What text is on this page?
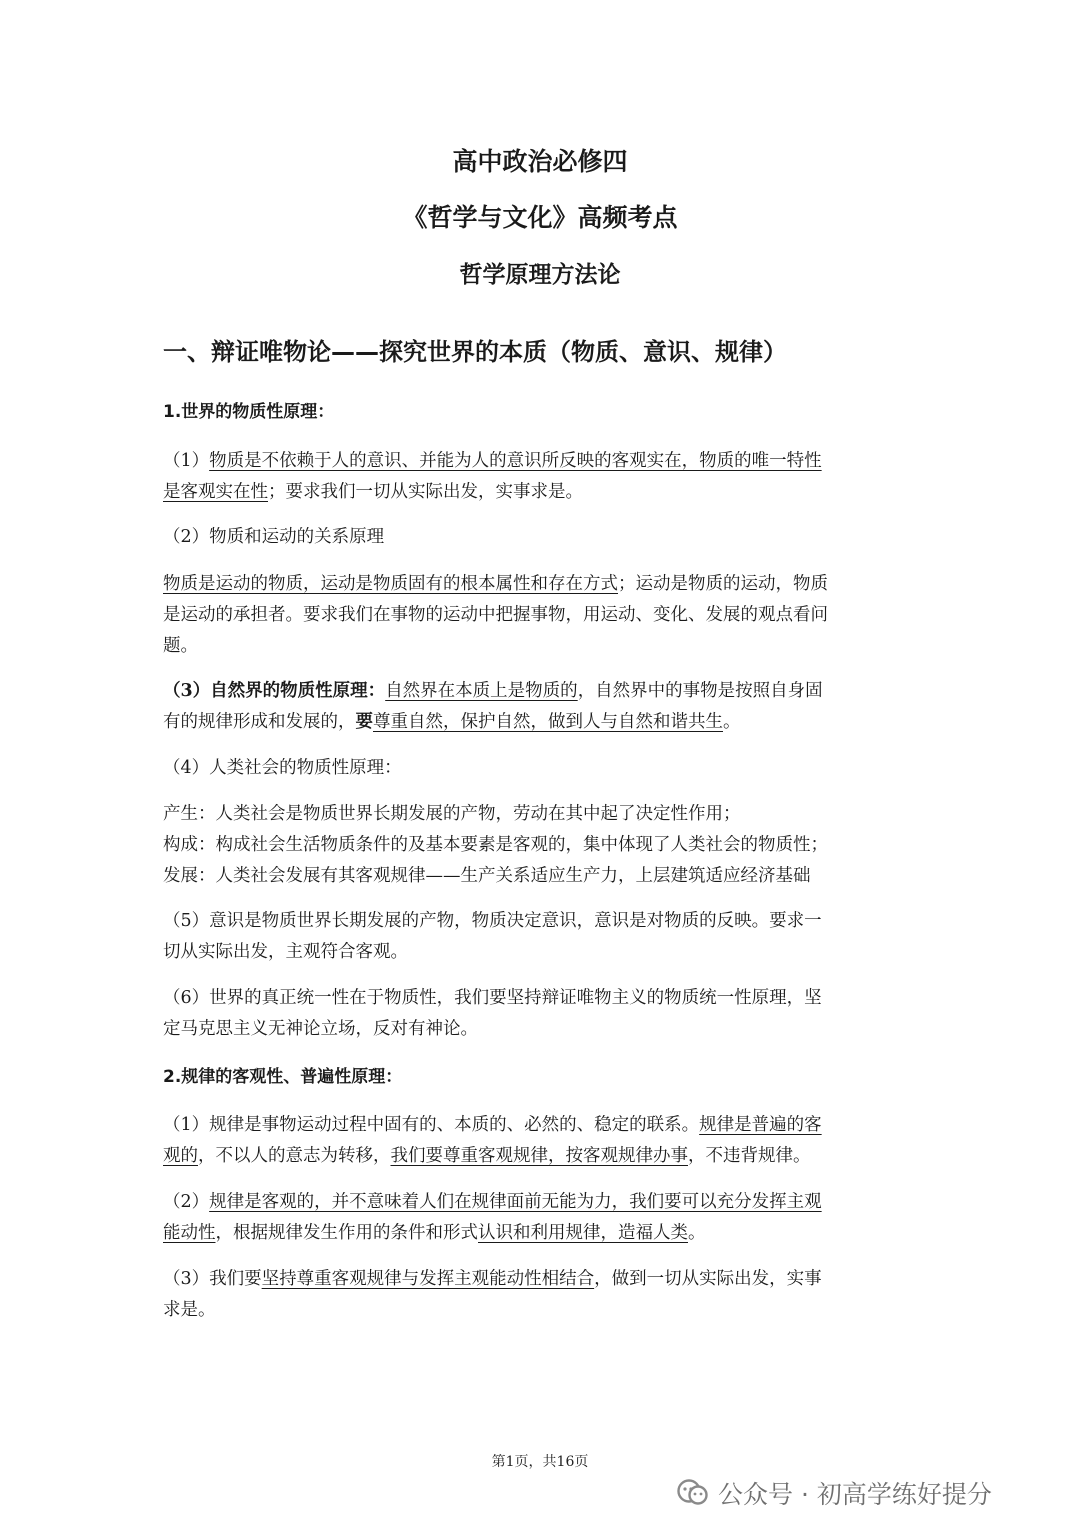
高中政治必修四
《哲学与文化》高频考点
哲学原理方法论
一、辩证唯物论——探究世界的本质（物质、意识、规律）
1.世界的物质性原理：
（1）物质是不依赖于人的意识、并能为人的意识所反映的客观实在，物质的唯一特性
是客观实在性；要求我们一切从实际出发，实事求是。
（2）物质和运动的关系原理
物质是运动的物质，运动是物质固有的根本属性和存在方式；运动是物质的运动，物质
是运动的承担者。要求我们在事物的运动中把握事物，用运动、变化、发展的观点看问
题。
（3）自然界的物质性原理：自然界在本质上是物质的，自然界中的事物是按照自身固
有的规律形成和发展的，要尊重自然，保护自然，做到人与自然和谐共生。
（4）人类社会的物质性原理：
产生：人类社会是物质世界长期发展的产物，劳动在其中起了决定性作用；
构成：构成社会生活物质条件的及基本要素是客观的，集中体现了人类社会的物质性；
发展：人类社会发展有其客观规律——生产关系适应生产力，上层建筑适应经济基础
（5）意识是物质世界长期发展的产物，物质决定意识，意识是对物质的反映。要求一
切从实际出发，主观符合客观。
（6）世界的真正统一性在于物质性，我们要坚持辩证唯物主义的物质统一性原理，坚
定马克思主义无神论立场，反对有神论。
2.规律的客观性、普遍性原理：
（1）规律是事物运动过程中固有的、本质的、必然的、稳定的联系。规律是普遍的客
观的，不以人的意志为转移，我们要尊重客观规律，按客观规律办事，不违背规律。
（2）规律是客观的，并不意味着人们在规律面前无能为力，我们要可以充分发挥主观
能动性，根据规律发生作用的条件和形式认识和利用规律，造福人类。
（3）我们要坚持尊重客观规律与发挥主观能动性相结合，做到一切从实际出发，实事
求是。
第1页，共16页
公众号 · 初高学练好提分
